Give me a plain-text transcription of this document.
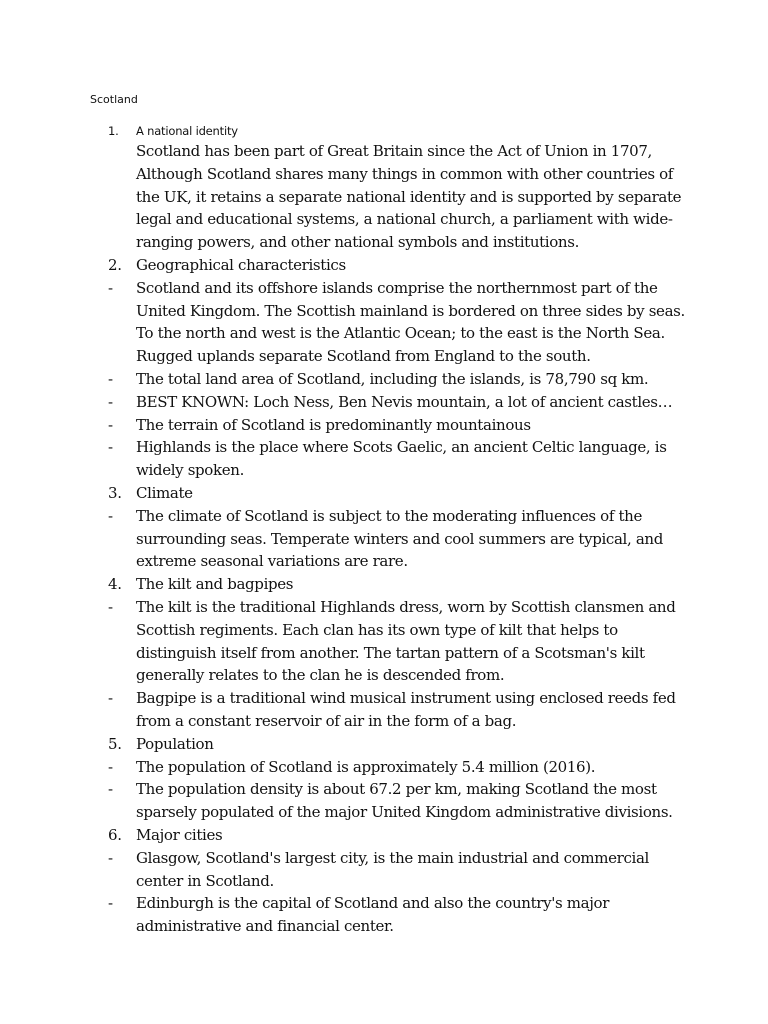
Scotland
1.	A national identity
Scotland has been part of Great Britain since the Act of Union in 1707, Although Scotland shares many things in common with other countries of the UK, it retains a separate national identity and is supported by separate legal and educational systems, a national church, a parliament with wide-ranging powers, and other national symbols and institutions.
2. Geographical characteristics
-	Scotland and its offshore islands comprise the northernmost part of the United Kingdom. The Scottish mainland is bordered on three sides by seas. To the north and west is the Atlantic Ocean; to the east is the North Sea. Rugged uplands separate Scotland from England to the south.
-	The total land area of Scotland, including the islands, is 78,790 sq km.
-	BEST KNOWN: Loch Ness, Ben Nevis mountain, a lot of ancient castles…
-	The terrain of Scotland is predominantly mountainous
-	Highlands is the place where Scots Gaelic, an ancient Celtic language, is widely spoken.
3. Climate
-	The climate of Scotland is subject to the moderating influences of the surrounding seas. Temperate winters and cool summers are typical, and extreme seasonal variations are rare.
4. The kilt and bagpipes
-	The kilt is the traditional Highlands dress, worn by Scottish clansmen and Scottish regiments. Each clan has its own type of kilt that helps to distinguish itself from another. The tartan pattern of a Scotsman's kilt generally relates to the clan he is descended from.
-	Bagpipe is a traditional wind musical instrument using enclosed reeds fed from a constant reservoir of air in the form of a bag.
5. Population
-	The population of Scotland is approximately 5.4 million (2016).
-	The population density is about 67.2 per km, making Scotland the most sparsely populated of the major United Kingdom administrative divisions.
6. Major cities
-	Glasgow, Scotland's largest city, is the main industrial and commercial center in Scotland.
-	Edinburgh is the capital of Scotland and also the country's major administrative and financial center.
